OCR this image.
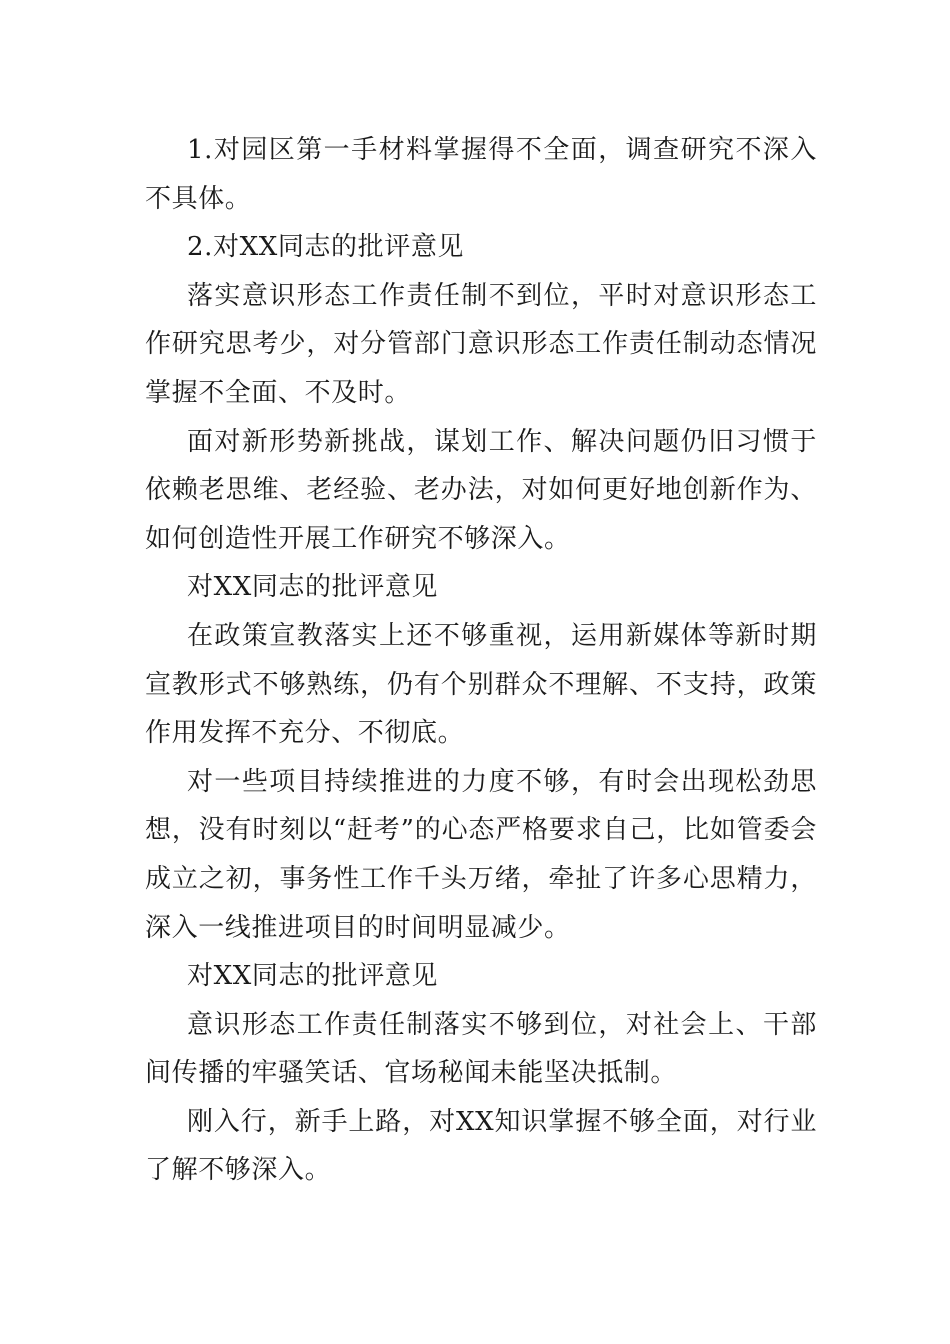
1.对园区第一手材料掌握得不全面，调查研究不深入不具体。

2.对XX同志的批评意见

落实意识形态工作责任制不到位，平时对意识形态工作研究思考少，对分管部门意识形态工作责任制动态情况掌握不全面、不及时。

面对新形势新挑战，谋划工作、解决问题仍旧习惯于依赖老思维、老经验、老办法，对如何更好地创新作为、如何创造性开展工作研究不够深入。

对XX同志的批评意见

在政策宣教落实上还不够重视，运用新媒体等新时期宣教形式不够熟练，仍有个别群众不理解、不支持，政策作用发挥不充分、不彻底。

对一些项目持续推进的力度不够，有时会出现松劲思想，没有时刻以“赶考”的心态严格要求自己，比如管委会成立之初，事务性工作千头万绪，牵扯了许多心思精力，深入一线推进项目的时间明显减少。

对XX同志的批评意见

意识形态工作责任制落实不够到位，对社会上、干部间传播的牢骚笑话、官场秘闻未能坚决抵制。

刚入行，新手上路，对XX知识掌握不够全面，对行业了解不够深入。
